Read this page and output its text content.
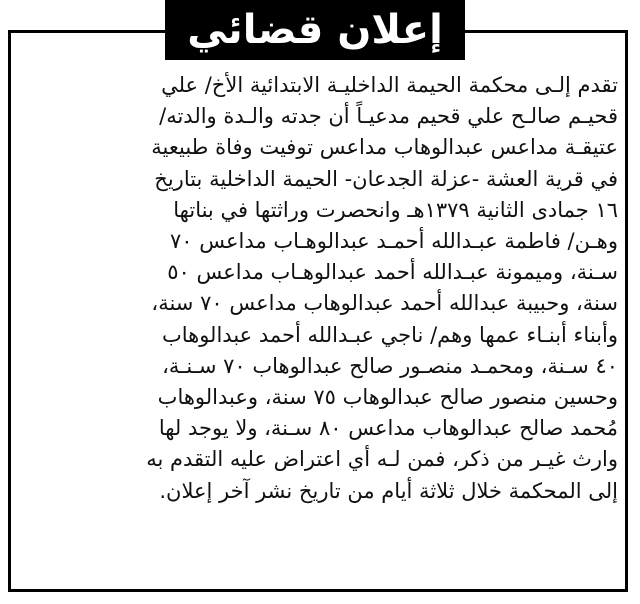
إعلان قضائي
تقدم إلـى محكمة الحيمة الداخليـة الابتدائية الأخ/ علي
قحيـم صالـح علي قحيم مدعيـاً أن جدته والـدة والدته/
عتيقـة مداعس عبدالوهاب مداعس توفيت وفاة طبيعية
في قرية العشة -عزلة الجدعان- الحيمة الداخلية بتاريخ
١٦ جمادى الثانية ١٣٧٩هـ وانحصرت وراثتها في بناتها
وهـن/ فاطمة عبـدالله أحمـد عبدالوهـاب مداعس ٧٠
سـنة، وميمونة عبـدالله أحمد عبدالوهـاب مداعس ٥٠
سنة، وحبيبة عبدالله أحمد عبدالوهاب مداعس ٧٠ سنة،
وأبناء أبنـاء عمها وهم/ ناجي عبـدالله أحمد عبدالوهاب
٤٠ سـنة، ومحمـد منصـور صالح عبدالوهاب ٧٠ سـنـة،
وحسين منصور صالح عبدالوهاب ٧٥ سنة، وعبدالوهاب
مُحمد صالح عبدالوهاب مداعس ٨٠ سـنة، ولا يوجد لها
وارث غيـر من ذكر، فمن لـه أي اعتراض عليه التقدم به
إلى المحكمة خلال ثلاثة أيام من تاريخ نشر آخر إعلان.
